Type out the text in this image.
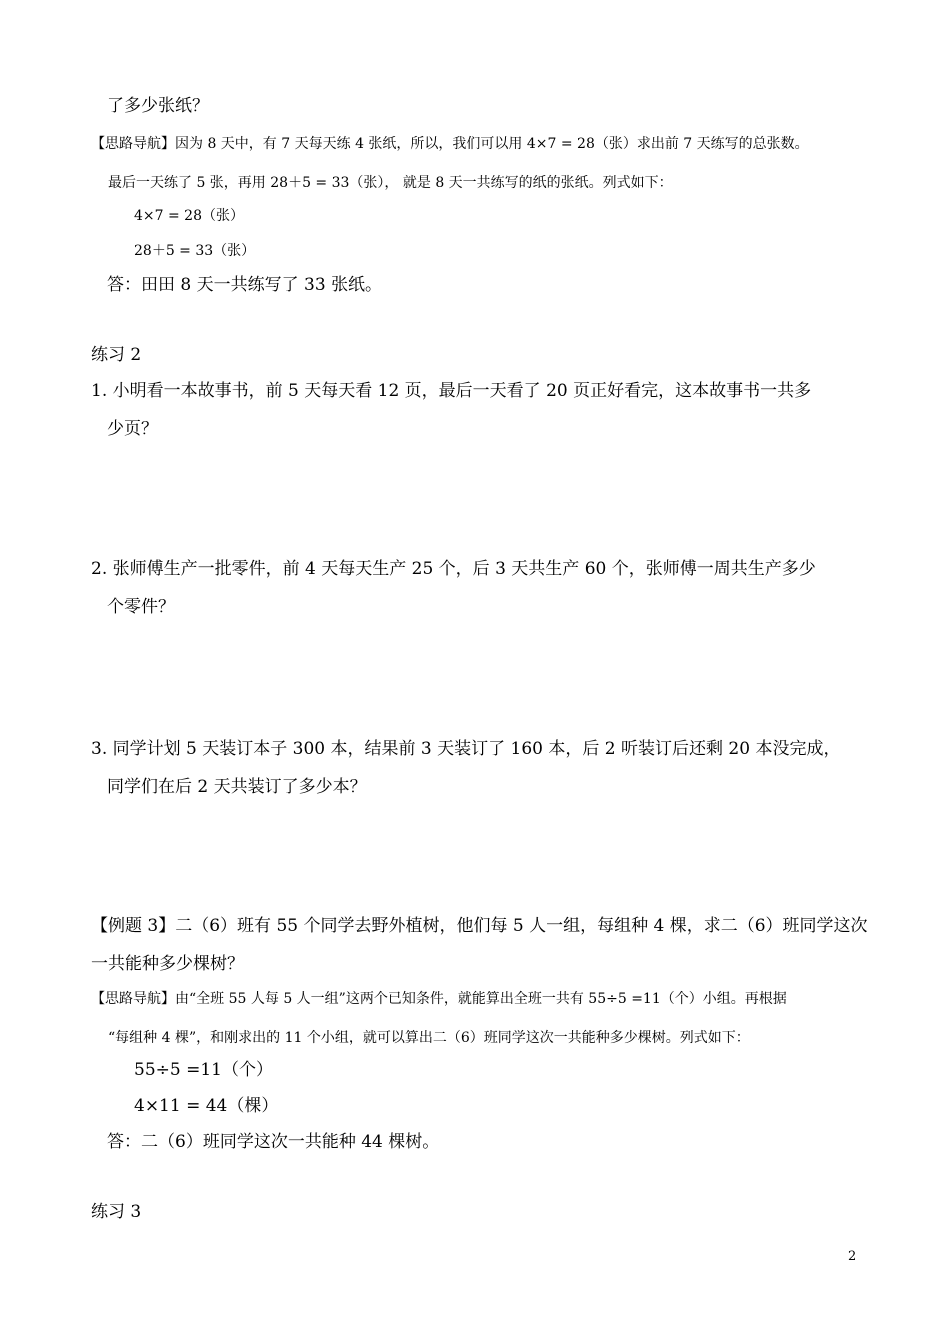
了多少张纸？
【思路导航】因为 8 天中，有 7 天每天练 4 张纸，所以，我们可以用 4×7 = 28（张）求出前 7 天练写的总张数。
最后一天练了 5 张，再用 28＋5 = 33（张）， 就是 8 天一共练写的纸的张纸。列式如下：
4×7 = 28（张）
28＋5 = 33（张）
答：田田 8 天一共练写了 33 张纸。
练习 2
1. 小明看一本故事书，前 5 天每天看 12 页，最后一天看了 20 页正好看完，这本故事书一共多
少页？
2. 张师傅生产一批零件，前 4 天每天生产 25 个，后 3 天共生产 60 个，张师傅一周共生产多少
个零件？
3. 同学计划 5 天装订本子 300 本，结果前 3 天装订了 160 本，后 2 听装订后还剩 20 本没完成，
同学们在后 2 天共装订了多少本？
【例题 3】二（6）班有 55 个同学去野外植树，他们每 5 人一组，每组种 4 棵，求二（6）班同学这次
一共能种多少棵树？
【思路导航】由“全班 55 人每 5 人一组”这两个已知条件，就能算出全班一共有 55÷5 =11（个）小组。再根据
“每组种 4 棵”，和刚求出的 11 个小组，就可以算出二（6）班同学这次一共能种多少棵树。列式如下：
55÷5 =11（个）
4×11 = 44（棵）
答：二（6）班同学这次一共能种 44 棵树。
练习 3
2
